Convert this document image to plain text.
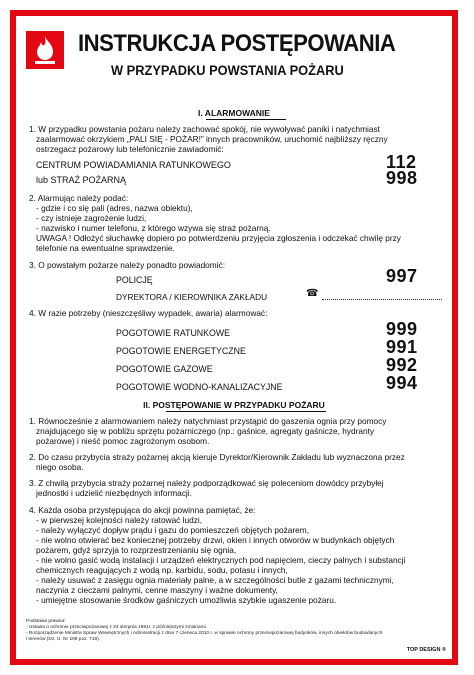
INSTRUKCJA POSTĘPOWANIA
W PRZYPADKU POWSTANIA POŻARU
I. ALARMOWANIE
1. W przypadku powstania pożaru należy zachować spokój, nie wywoływać paniki i natychmiast
zaalarmować okrzykiem „PALI SIĘ - POŻAR!” innych pracowników, uruchomić najbliższy ręczny
ostrzegacz pożarowy lub telefonicznie zawiadomić:
CENTRUM POWIADAMIANIA RATUNKOWEGO	112
lub STRAŻ POŻARNĄ	998
2. Alarmując należy podać:
- gdzie i co się pali (adres, nazwa obiektu),
- czy istnieje zagrożenie ludzi,
- nazwisko i numer telefonu, z którego wzywa się straż pożarną.
UWAGA ! Odłożyć słuchawkę dopiero po potwierdzeniu przyjęcia zgłoszenia i odczekać chwilę przy
telefonie na ewentualne sprawdzenie.
3. O powstałym pożarze należy ponadto powiadomić:
POLICJĘ	997
DYREKTORA / KIEROWNIKA ZAKŁADU	☎
4. W razie potrzeby (nieszczęśliwy wypadek, awaria) alarmować:
POGOTOWIE RATUNKOWE	999
POGOTOWIE ENERGETYCZNE	991
POGOTOWIE GAZOWE	992
POGOTOWIE WODNO-KANALIZACYJNE	994
II. POSTĘPOWANIE W PRZYPADKU POŻARU
1. Równocześnie z alarmowaniem należy natychmiast przystąpić do gaszenia ognia przy pomocy
znajdującego się w pobliżu sprzętu pożarniczego (np.: gaśnice, agregaty gaśnicze, hydranty
pożarowe) i nieść pomoc zagrożonym osobom.
2. Do czasu przybycia straży pożarnej akcją kieruje Dyrektor/Kierownik Zakładu lub wyznaczona przez
niego osoba.
3. Z chwilą przybycia straży pożarnej należy podporządkować się poleceniom dowódcy przybyłej
jednostki i udzielić niezbędnych informacji.
4. Każda osoba przystępująca do akcji powinna pamiętać, że:
- w pierwszej kolejności należy ratować ludzi,
- należy wyłączyć dopływ prądu i gazu do pomieszczeń objętych pożarem,
- nie wolno otwierać bez koniecznej potrzeby drzwi, okien i innych otworów w budynkach objętych
pożarem, gdyż sprzyja to rozprzestrzenianiu się ognia,
- nie wolno gasić wodą instalacji i urządzeń elektrycznych pod napięciem, cieczy palnych i substancji
chemicznych reagujących z wodą np. karbidu, sodu, potasu i innych,
- należy usuwać z zasięgu ognia materiały palne, a w szczególności butle z gazami technicznymi,
naczynia z cieczami palnymi, cenne maszyny i ważne dokumenty,
- umiejętne stosowanie środków gaśniczych umożliwia szybkie ugaszenie pożaru.
Podstawa prawna:
- Ustawa o ochronie przeciwpożarowej z 24 sierpnia 1991r. z późniejszymi zmianami.
- Rozporządzenie Ministra Spraw Wewnętrznych i Administracji z dnia 7 czerwca 2010 r. w sprawie ochrony przeciwpożarowej budynków, innych obiektów budowlanych
i terenów (Dz. U. Nr 109 poz. 719).
TOP DESIGN ®
